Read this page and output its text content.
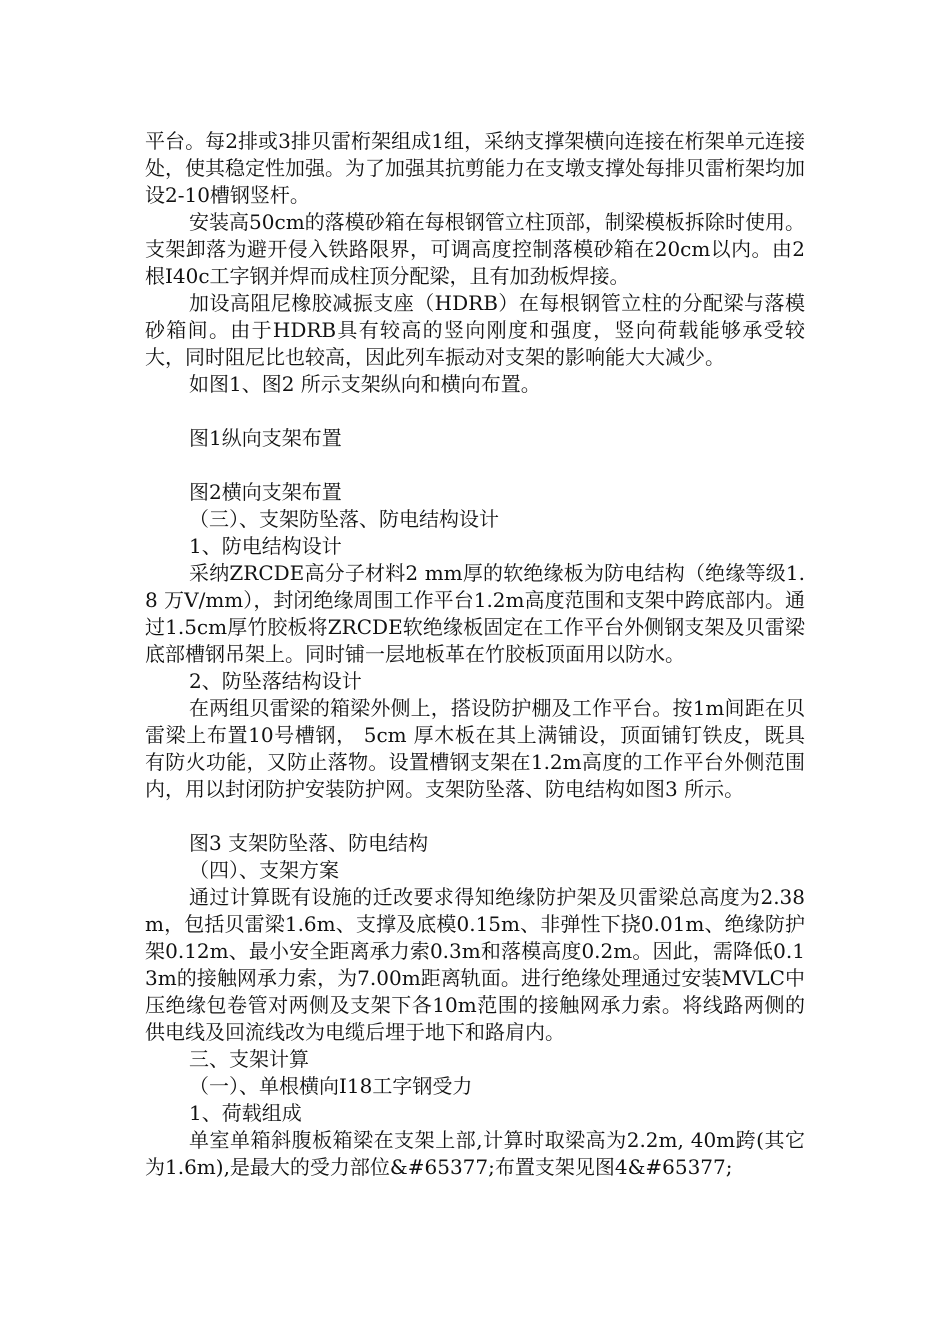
平台。每2排或3排贝雷桁架组成1组，采纳支撑架横向连接在桁架单元连接处，使其稳定性加强。为了加强其抗剪能力在支墩支撑处每排贝雷桁架均加设2-10槽钢竖杆。

安装高50cm的落模砂箱在每根钢管立柱顶部，制梁模板拆除时使用。支架卸落为避开侵入铁路限界，可调高度控制落模砂箱在20cm以内。由2 根I40c工字钢并焊而成柱顶分配梁，且有加劲板焊接。

加设高阻尼橡胶减振支座（HDRB）在每根钢管立柱的分配梁与落模砂箱间。由于HDRB具有较高的竖向刚度和强度，竖向荷载能够承受较大，同时阻尼比也较高，因此列车振动对支架的影响能大大减少。

如图1、图2 所示支架纵向和横向布置。

图1纵向支架布置

图2横向支架布置

（三）、支架防坠落、防电结构设计

1、防电结构设计

采纳ZRCDE高分子材料2 mm厚的软绝缘板为防电结构（绝缘等级1.8 万V/mm），封闭绝缘周围工作平台1.2m高度范围和支架中跨底部内。通过1.5cm厚竹胶板将ZRCDE软绝缘板固定在工作平台外侧钢支架及贝雷梁底部槽钢吊架上。同时铺一层地板革在竹胶板顶面用以防水。

2、防坠落结构设计

在两组贝雷梁的箱梁外侧上，搭设防护棚及工作平台。按1m间距在贝雷梁上布置10号槽钢， 5cm 厚木板在其上满铺设，顶面铺钉铁皮，既具有防火功能，又防止落物。设置槽钢支架在1.2m高度的工作平台外侧范围内，用以封闭防护安装防护网。支架防坠落、防电结构如图3 所示。

图3 支架防坠落、防电结构

（四）、支架方案

通过计算既有设施的迁改要求得知绝缘防护架及贝雷梁总高度为2.38m，包括贝雷梁1.6m、支撑及底模0.15m、非弹性下挠0.01m、绝缘防护架0.12m、最小安全距离承力索0.3m和落模高度0.2m。因此，需降低0.13m的接触网承力索，为7.00m距离轨面。进行绝缘处理通过安装MVLC中压绝缘包卷管对两侧及支架下各10m范围的接触网承力索。将线路两侧的供电线及回流线改为电缆后埋于地下和路肩内。

三、支架计算

（一）、单根横向I18工字钢受力

1、荷载组成

单室单箱斜腹板箱梁在支架上部,计算时取梁高为2.2m, 40m跨(其它为1.6m),是最大的受力部位&#65377;布置支架见图4&#65377;
